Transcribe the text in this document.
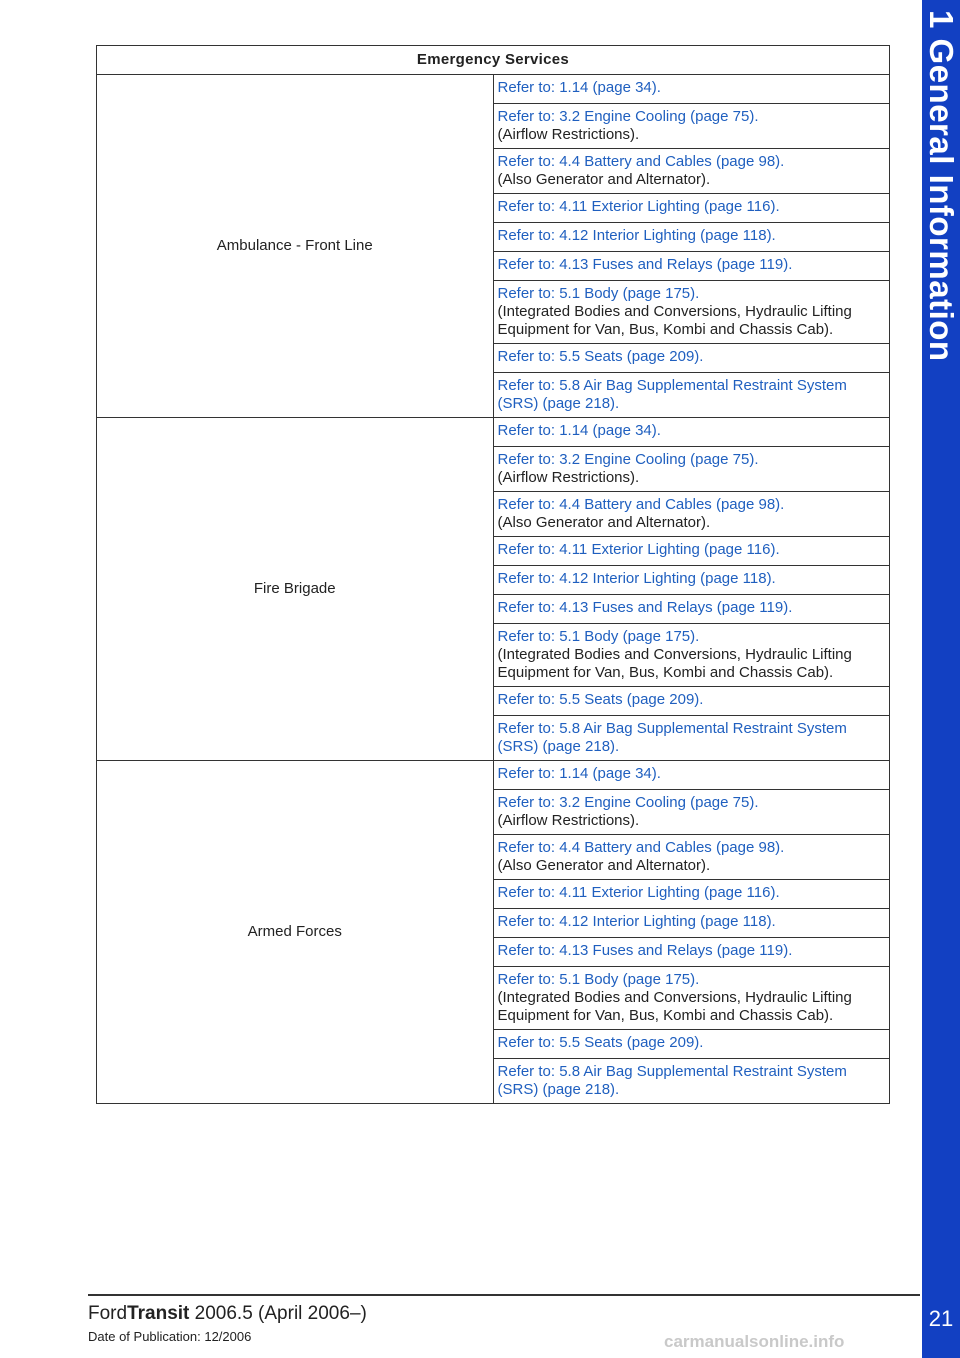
1 General Information
21
Emergency Services	
Ambulance - Front Line	Refer to: 1.14 (page 34).

	Refer to: 3.2 Engine Cooling (page 75).
(Airflow Restrictions).

	Refer to: 4.4 Battery and Cables (page 98).
(Also Generator and Alternator).

	Refer to: 4.11 Exterior Lighting (page 116).

	Refer to: 4.12 Interior Lighting (page 118).

	Refer to: 4.13 Fuses and Relays (page 119).

	Refer to: 5.1 Body (page 175).
(Integrated Bodies and Conversions, Hydraulic Lifting Equipment for Van, Bus, Kombi and Chassis Cab).

	Refer to: 5.5 Seats (page 209).

	Refer to: 5.8 Air Bag Supplemental Restraint System (SRS) (page 218).

Fire Brigade	Refer to: 1.14 (page 34).

	Refer to: 3.2 Engine Cooling (page 75).
(Airflow Restrictions).

	Refer to: 4.4 Battery and Cables (page 98).
(Also Generator and Alternator).

	Refer to: 4.11 Exterior Lighting (page 116).

	Refer to: 4.12 Interior Lighting (page 118).

	Refer to: 4.13 Fuses and Relays (page 119).

	Refer to: 5.1 Body (page 175).
(Integrated Bodies and Conversions, Hydraulic Lifting Equipment for Van, Bus, Kombi and Chassis Cab).

	Refer to: 5.5 Seats (page 209).

	Refer to: 5.8 Air Bag Supplemental Restraint System (SRS) (page 218).

Armed Forces	Refer to: 1.14 (page 34).

	Refer to: 3.2 Engine Cooling (page 75).
(Airflow Restrictions).

	Refer to: 4.4 Battery and Cables (page 98).
(Also Generator and Alternator).

	Refer to: 4.11 Exterior Lighting (page 116).

	Refer to: 4.12 Interior Lighting (page 118).

	Refer to: 4.13 Fuses and Relays (page 119).

	Refer to: 5.1 Body (page 175).
(Integrated Bodies and Conversions, Hydraulic Lifting Equipment for Van, Bus, Kombi and Chassis Cab).

	Refer to: 5.5 Seats (page 209).

	Refer to: 5.8 Air Bag Supplemental Restraint System (SRS) (page 218).
FordTransit 2006.5 (April 2006–)
Date of Publication: 12/2006	carmanualsonline.info
